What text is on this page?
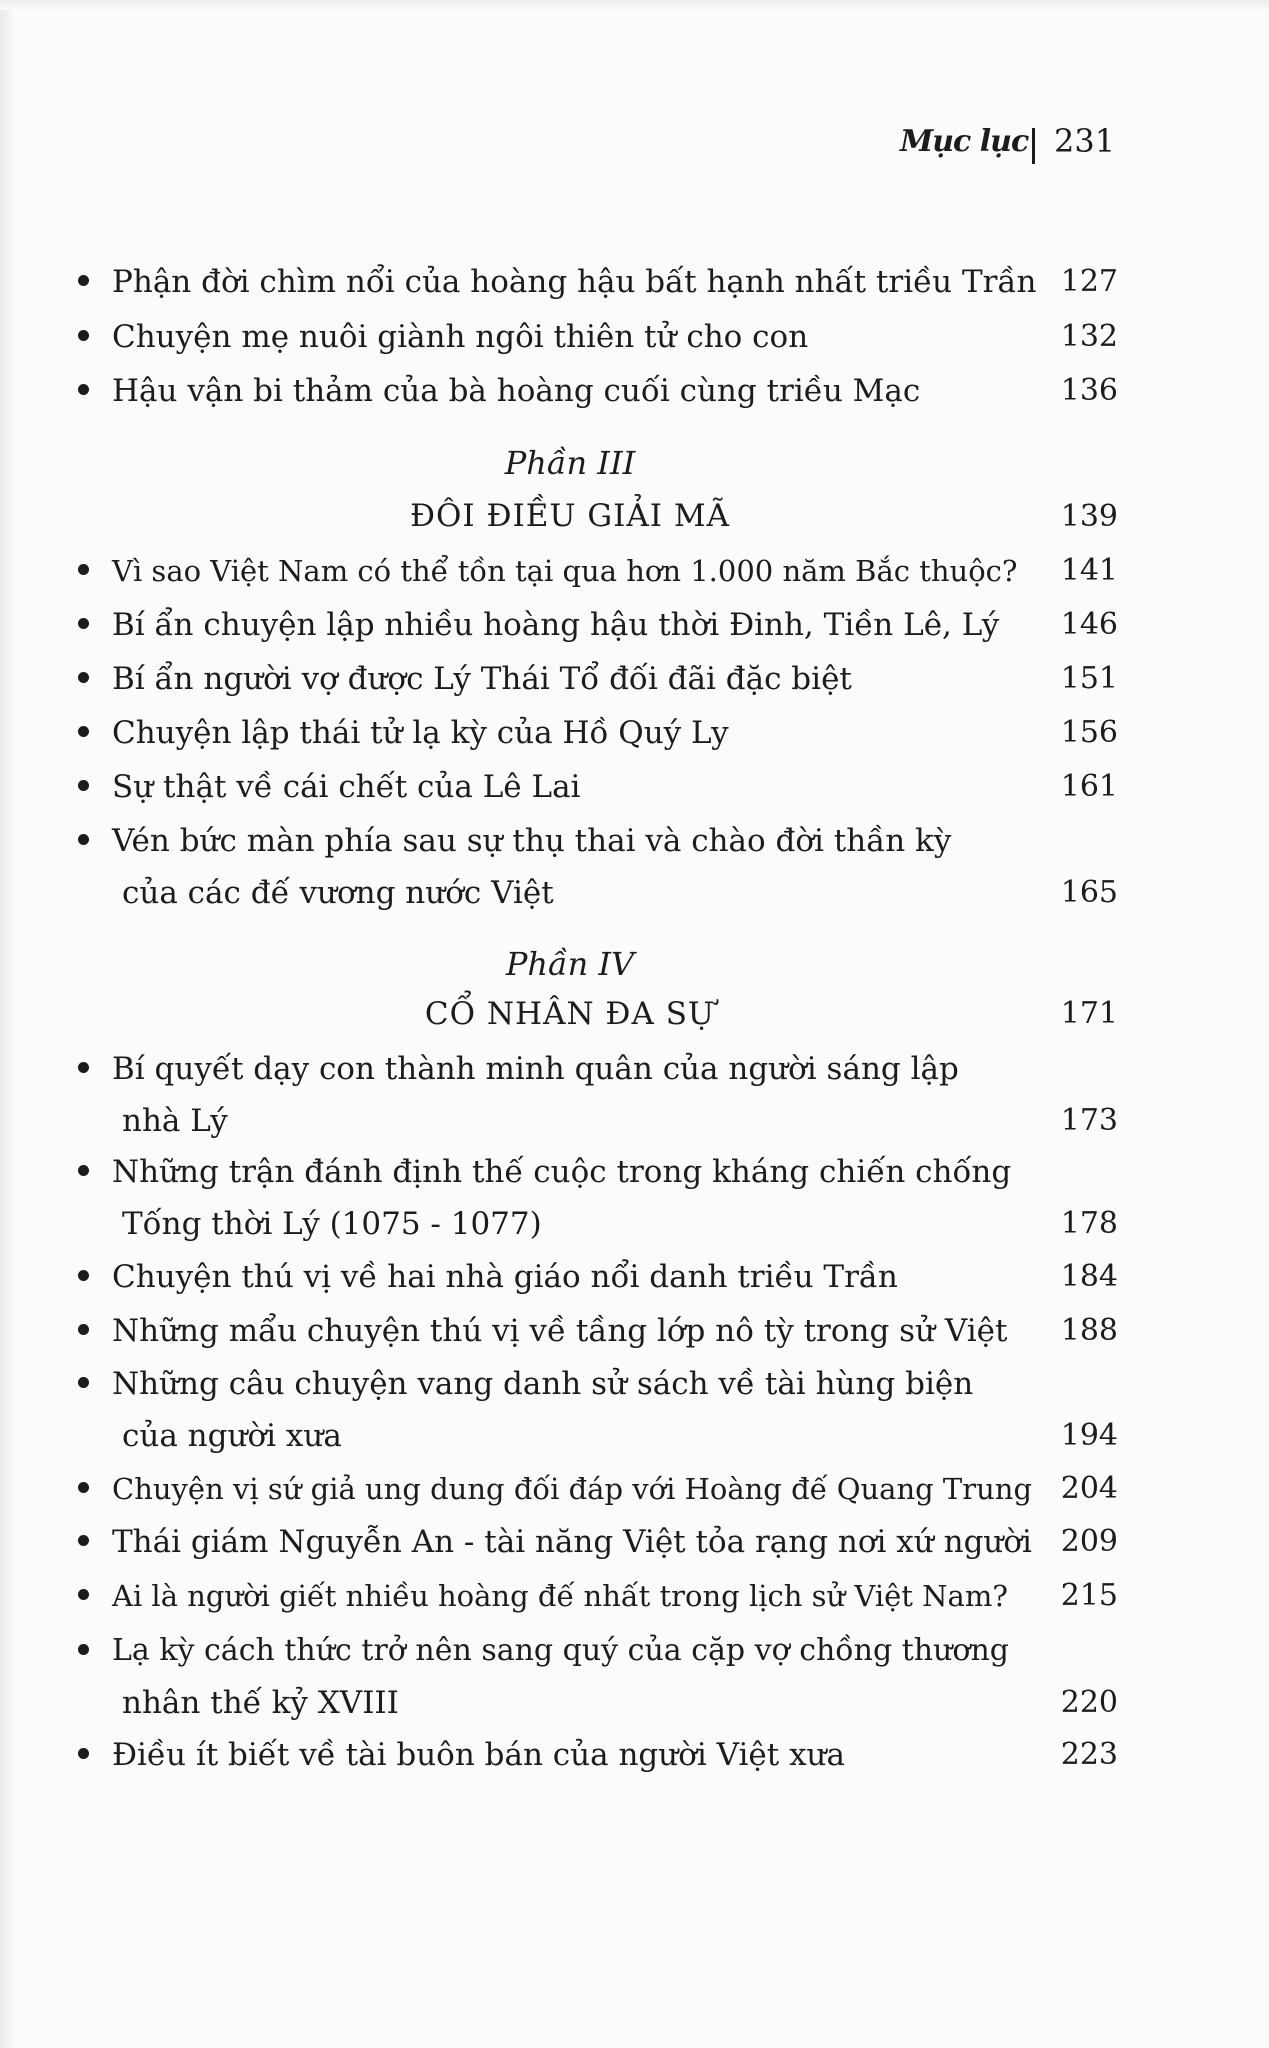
Mục lục 231
Phận đời chìm nổi của hoàng hậu bất hạnh nhất triều Trần 127
Chuyện mẹ nuôi giành ngôi thiên tử cho con	132
Hậu vận bi thảm của bà hoàng cuối cùng triều Mạc	136
Phần III
ĐÔI ĐIỀU GIẢI MÃ	139
Vì sao Việt Nam có thể tồn tại qua hơn 1.000 năm Bắc thuộc? 141
Bí ẩn chuyện lập nhiều hoàng hậu thời Đinh, Tiền Lê, Lý 146
Bí ẩn người vợ được Lý Thái Tổ đối đãi đặc biệt	151
Chuyện lập thái tử lạ kỳ của Hồ Quý Ly	156
Sự thật về cái chết của Lê Lai	161
Vén bức màn phía sau sự thụ thai và chào đời thần kỳ
của các đế vương nước Việt	165
Phần IV
CỔ NHÂN ĐA SỰ	171
Bí quyết dạy con thành minh quân của người sáng lập
nhà Lý	173
Những trận đánh định thế cuộc trong kháng chiến chống
Tống thời Lý (1075 - 1077)	178
Chuyện thú vị về hai nhà giáo nổi danh triều Trần	184
Những mẩu chuyện thú vị về tầng lớp nô tỳ trong sử Việt 188
Những câu chuyện vang danh sử sách về tài hùng biện
của người xưa	194
Chuyện vị sứ giả ung dung đối đáp với Hoàng đế Quang Trung 204
Thái giám Nguyễn An - tài năng Việt tỏa rạng nơi xứ người 209
Ai là người giết nhiều hoàng đế nhất trong lịch sử Việt Nam? 215
Lạ kỳ cách thức trở nên sang quý của cặp vợ chồng thương
nhân thế kỷ XVIII	220
Điều ít biết về tài buôn bán của người Việt xưa	223
